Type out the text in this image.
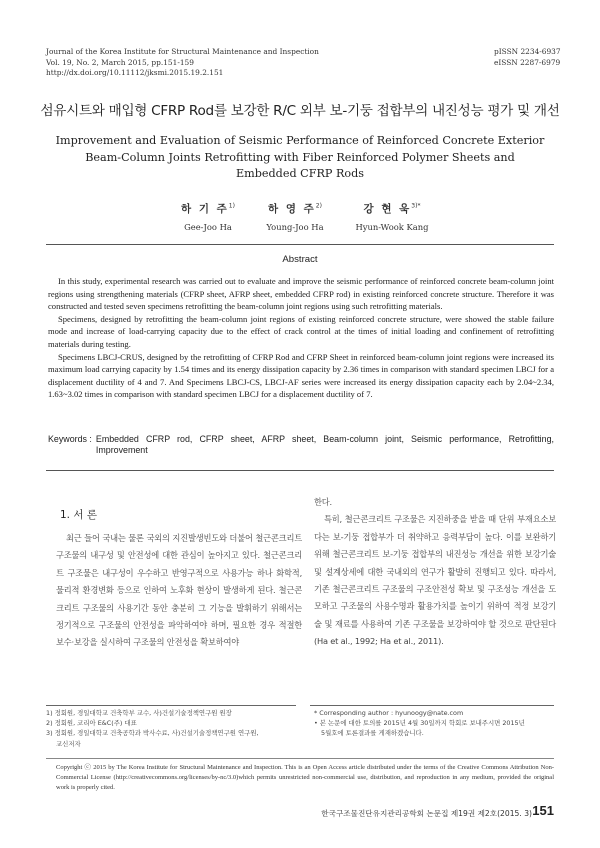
Journal of the Korea Institute for Structural Maintenance and Inspection
Vol. 19, No. 2, March 2015, pp.151-159
http://dx.doi.org/10.11112/jksmi.2015.19.2.151
pISSN 2234-6937
eISSN 2287-6979
섬유시트와 매입형 CFRP Rod를 보강한 R/C 외부 보-기둥 접합부의 내진성능 평가 및 개선
Improvement and Evaluation of Seismic Performance of Reinforced Concrete Exterior
Beam-Column Joints Retrofitting with Fiber Reinforced Polymer Sheets and
Embedded CFRP Rods
하 기 주$^{1)}$
Gee-Joo Ha
하 영 주$^{2)}$
Young-Joo Ha
강 현 욱$^{3)*}$
Hyun-Wook Kang
Abstract

In this study, experimental research was carried out to evaluate and improve the seismic performance of reinforced concrete beam-column joint regions using strengthening materials (CFRP sheet, AFRP sheet, embedded CFRP rod) in existing reinforced concrete structure. Therefore it was constructed and tested seven specimens retrofitting the beam-column joint regions using such retrofitting materials.

Specimens, designed by retrofitting the beam-column joint regions of existing reinforced concrete structure, were showed the stable failure mode and increase of load-carrying capacity due to the effect of crack control at the times of initial loading and confinement of retrofitting materials during testing.

Specimens LBCJ-CRUS, designed by the retrofitting of CFRP Rod and CFRP Sheet in reinforced beam-column joint regions were increased its maximum load carrying capacity by 1.54 times and its energy dissipation capacity by 2.36 times in comparison with standard specimen LBCJ for a displacement ductility of 4 and 7. And Specimens LBCJ-CS, LBCJ-AF series were increased its energy dissipation capacity each by 2.04~2.34, 1.63~3.02 times in comparison with standard specimen LBCJ for a displacement ductility of 7.

Keywords : Embedded CFRP rod, CFRP sheet, AFRP sheet, Beam-column joint, Seismic performance, Retrofitting, Improvement
1. 서 론

최근 들어 국내는 물론 국외의 지진발생빈도와 더불어 철근콘크리트 구조물의 내구성 및 안전성에 대한 관심이 높아지고 있다. 철근콘크리트 구조물은 내구성이 우수하고 반영구적으로 사용가능 하나 화학적, 물리적 환경변화 등으로 인하여 노후화 현상이 발생하게 된다. 철근콘크리트 구조물의 사용기간 동안 충분히 그 기능을 발휘하기 위해서는 정기적으로 구조물의 안전성을 파악하여야 하며, 필요한 경우 적절한 보수·보강을 실시하여 구조물의 안전성을 확보하여야

한다.

특히, 철근콘크리트 구조물은 지진하중을 받을 때 단위 부재요소보다는 보-기둥 접합부가 더 취약하고 응력부담이 높다. 이를 보완하기 위해 철근콘크리트 보-기둥 접합부의 내진성능 개선을 위한 보강기술 및 설계상세에 대한 국내외의 연구가 활발히 진행되고 있다. 따라서, 기존 철근콘크리트 구조물의 구조안전성 확보 및 구조성능 개선을 도모하고 구조물의 사용수명과 활용가치를 높이기 위하여 적정 보강기술 및 재료를 사용하여 기존 구조물을 보강하여야 할 것으로 판단된다 (Ha et al., 1992; Ha et al., 2011).

1) 정회원, 경일대학교 건축학부 교수, 사)건설기술정책연구원 원장
2) 정회원, 코리아 E&C(주) 대표
3) 정회원, 경일대학교 건축공학과 박사수료, 사)건설기술정책연구원 연구원,
교신저자
* Corresponding author : hyunoogy@nate.com
• 본 논문에 대한 토의를 2015년 4월 30일까지 학회로 보내주시면 2015년
5월호에 토론결과를 게재하겠습니다.
Copyright ⓒ 2015 by The Korea Institute for Structural Maintenance and Inspection. This is an Open Access article distributed under the terms of the Creative Commons Attribution Non-Commercial License (http://creativecommons.org/licenses/by-nc/3.0)which permits unrestricted non-commercial use, distribution, and reproduction in any medium, provided the original work is properly cited.
한국구조물진단유지관리공학회 논문집 제19권 제2호(2015. 3) 151
